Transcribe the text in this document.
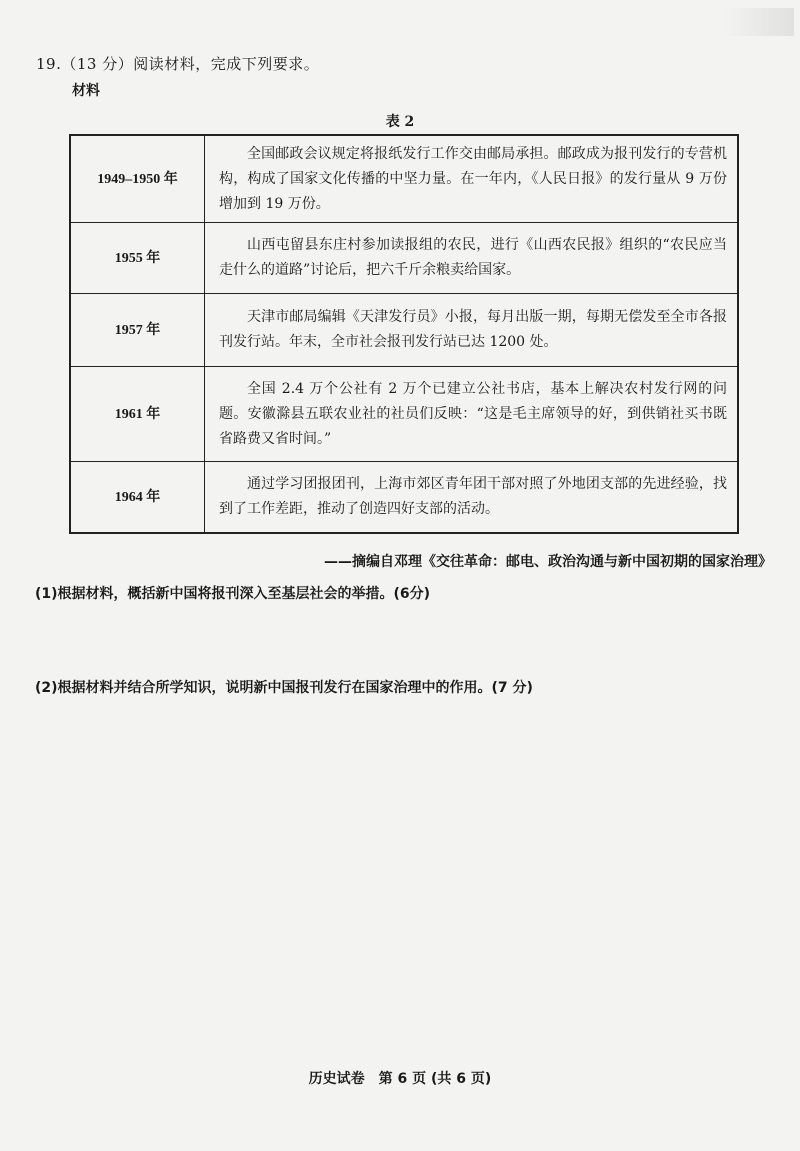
19.（13 分）阅读材料，完成下列要求。
材料
表 2
1949–1950 年	全国邮政会议规定将报纸发行工作交由邮局承担。邮政成为报刊发行的专营机构，构成了国家文化传播的中坚力量。在一年内，《人民日报》的发行量从 9 万份增加到 19 万份。
1955 年	山西屯留县东庄村参加读报组的农民，进行《山西农民报》组织的“农民应当走什么的道路”讨论后，把六千斤余粮卖给国家。
1957 年	天津市邮局编辑《天津发行员》小报，每月出版一期，每期无偿发至全市各报刊发行站。年末，全市社会报刊发行站已达 1200 处。
1961 年	全国 2.4 万个公社有 2 万个已建立公社书店，基本上解决农村发行网的问题。安徽滁县五联农业社的社员们反映：“这是毛主席领导的好，到供销社买书既省路费又省时间。”
1964 年	通过学习团报团刊，上海市郊区青年团干部对照了外地团支部的先进经验，找到了工作差距，推动了创造四好支部的活动。
——摘编自邓理《交往革命：邮电、政治沟通与新中国初期的国家治理》
(1)根据材料，概括新中国将报刊深入至基层社会的举措。(6分)
(2)根据材料并结合所学知识，说明新中国报刊发行在国家治理中的作用。(7 分)
历史试卷　第 6 页 (共 6 页)
